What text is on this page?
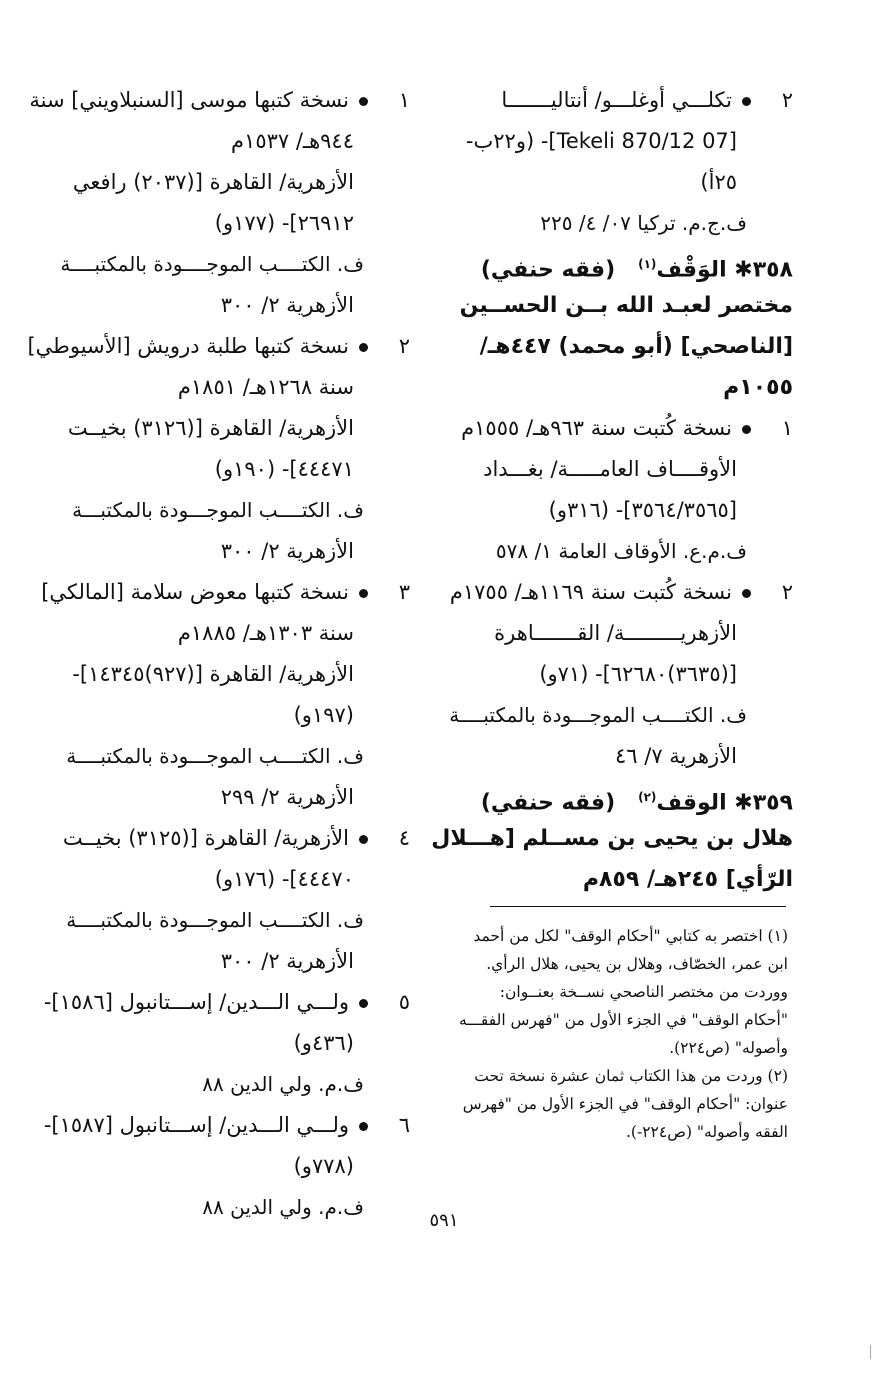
٢تكلـــي أوغلـــو/ أنتاليـــــــا
[07 Tekeli 870/12]- (و٢٢ب-
٢٥أ)
ف.ج.م. تركيا ٠٧/ ٤/ ٢٢٥
٣٥٨✱ الوَقْف$^{(١)}$   (فقه حنفي)
مختصر لعبـد الله بــن الحســين
[الناصحي] (أبو محمد) ٤٤٧هـ/
١٠٥٥م
١نسخة كُتبت سنة ٩٦٣هـ/ ١٥٥٥م
الأوقــــاف العامـــــة/ بغـــداد
[٣٥٦٤/٣٥٦٥]- (٣١٦و)
ف.م.ع. الأوقاف العامة ١/ ٥٧٨
٢نسخة كُتبت سنة ١١٦٩هـ/ ١٧٥٥م
الأزهريـــــــــة/ القـــــــاهرة
[(٣٦٣٥)٦٢٦٨٠]- (٧١و)
ف. الكتــــب الموجـــودة بالمكتبــــة
الأزهرية ٧/ ٤٦
٣٥٩✱ الوقف$^{(٢)}$   (فقه حنفي)
هلال بن يحيى بن مســلم [هـــلال
الرّأي] ٢٤٥هـ/ ٨٥٩م
١نسخة كتبها موسى [السنبلاويني] سنة
٩٤٤هـ/ ١٥٣٧م
الأزهرية/ القاهرة [(٢٠٣٧) رافعي
٢٦٩١٢]- (١٧٧و)
ف. الكتــــب الموجــــودة بالمكتبــــة
الأزهرية ٢/ ٣٠٠
٢نسخة كتبها طلبة درويش [الأسيوطي]
سنة ١٢٦٨هـ/ ١٨٥١م
الأزهرية/ القاهرة [(٣١٢٦) بخيــت
٤٤٤٧١]- (١٩٠و)
ف. الكتــــب الموجـــودة بالمكتبـــة
الأزهرية ٢/ ٣٠٠
٣نسخة كتبها معوض سلامة [المالكي]
سنة ١٣٠٣هـ/ ١٨٨٥م
الأزهرية/ القاهرة [(٩٢٧)١٤٣٤٥]-
(١٩٧و)
ف. الكتــــب الموجـــودة بالمكتبــــة
الأزهرية ٢/ ٢٩٩
٤الأزهرية/ القاهرة [(٣١٢٥) بخيــت
٤٤٤٧٠]- (١٧٦و)
ف. الكتــــب الموجـــودة بالمكتبــــة
الأزهرية ٢/ ٣٠٠
٥ولـــي الـــدين/ إســـتانبول [١٥٨٦]-
(٤٣٦و)
ف.م. ولي الدين ٨٨
٦ولـــي الـــدين/ إســـتانبول [١٥٨٧]-
(٧٧٨و)
ف.م. ولي الدين ٨٨
(١) اختصر به كتابي "أحكام الوقف" لكل من أحمد
ابن عمر، الخصّاف، وهلال بن يحيى، هلال الرأي.
ووردت من مختصر الناصحي نســخة بعنــوان:
"أحكام الوقف" في الجزء الأول من "فهرس الفقـــه
وأصوله" (ص٢٢٤).
(٢) وردت من هذا الكتاب ثمان عشرة نسخة تحت
عنوان: "أحكام الوقف" في الجزء الأول من "فهرس
الفقه وأصوله" (ص٢٢٤-).
٥٩١
